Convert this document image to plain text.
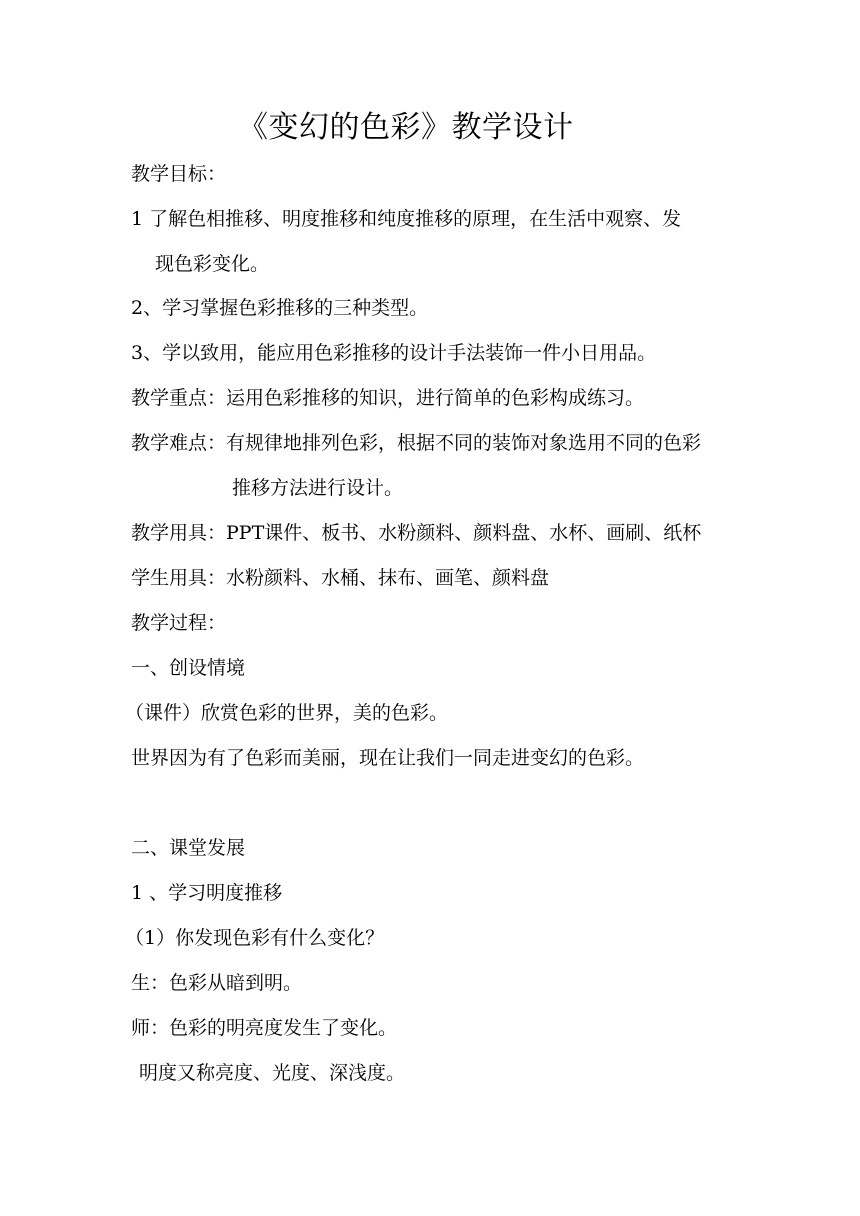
《变幻的色彩》教学设计
教学目标：
1 了解色相推移、明度推移和纯度推移的原理，在生活中观察、发
现色彩变化。
2、学习掌握色彩推移的三种类型。
3、学以致用，能应用色彩推移的设计手法装饰一件小日用品。
教学重点：运用色彩推移的知识，进行简单的色彩构成练习。
教学难点：有规律地排列色彩，根据不同的装饰对象选用不同的色彩
推移方法进行设计。
教学用具：PPT课件、板书、水粉颜料、颜料盘、水杯、画刷、纸杯
学生用具：水粉颜料、水桶、抹布、画笔、颜料盘
教学过程：
一、创设情境
（课件）欣赏色彩的世界，美的色彩。
世界因为有了色彩而美丽，现在让我们一同走进变幻的色彩。
二、课堂发展
1 、学习明度推移
（1）你发现色彩有什么变化？
生：色彩从暗到明。
师：色彩的明亮度发生了变化。
明度又称亮度、光度、深浅度。
